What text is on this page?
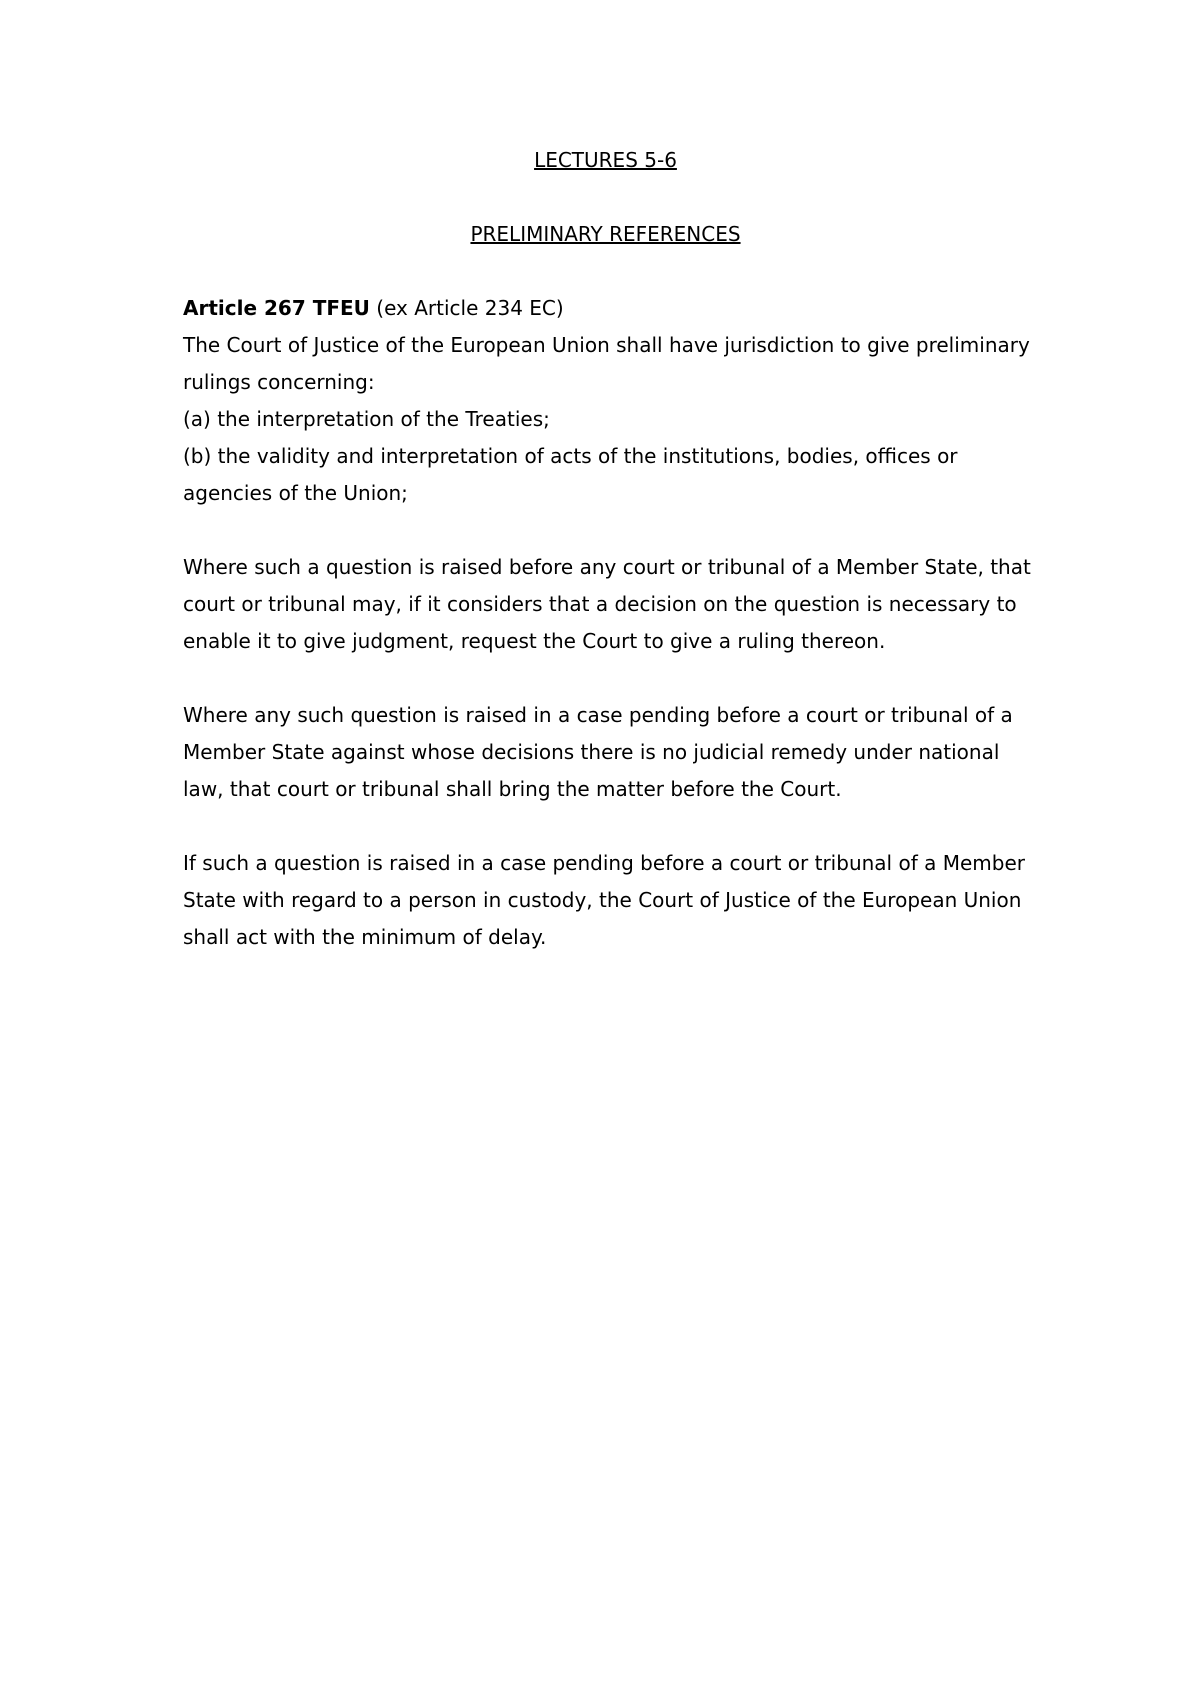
LECTURES 5-6
PRELIMINARY REFERENCES

Article 267 TFEU (ex Article 234 EC)

The Court of Justice of the European Union shall have jurisdiction to give preliminary rulings concerning:

(a) the interpretation of the Treaties;

(b) the validity and interpretation of acts of the institutions, bodies, offices or agencies of the Union;

Where such a question is raised before any court or tribunal of a Member State, that court or tribunal may, if it considers that a decision on the question is necessary to enable it to give judgment, request the Court to give a ruling thereon.

Where any such question is raised in a case pending before a court or tribunal of a Member State against whose decisions there is no judicial remedy under national law, that court or tribunal shall bring the matter before the Court.

If such a question is raised in a case pending before a court or tribunal of a Member State with regard to a person in custody, the Court of Justice of the European Union shall act with the minimum of delay.
